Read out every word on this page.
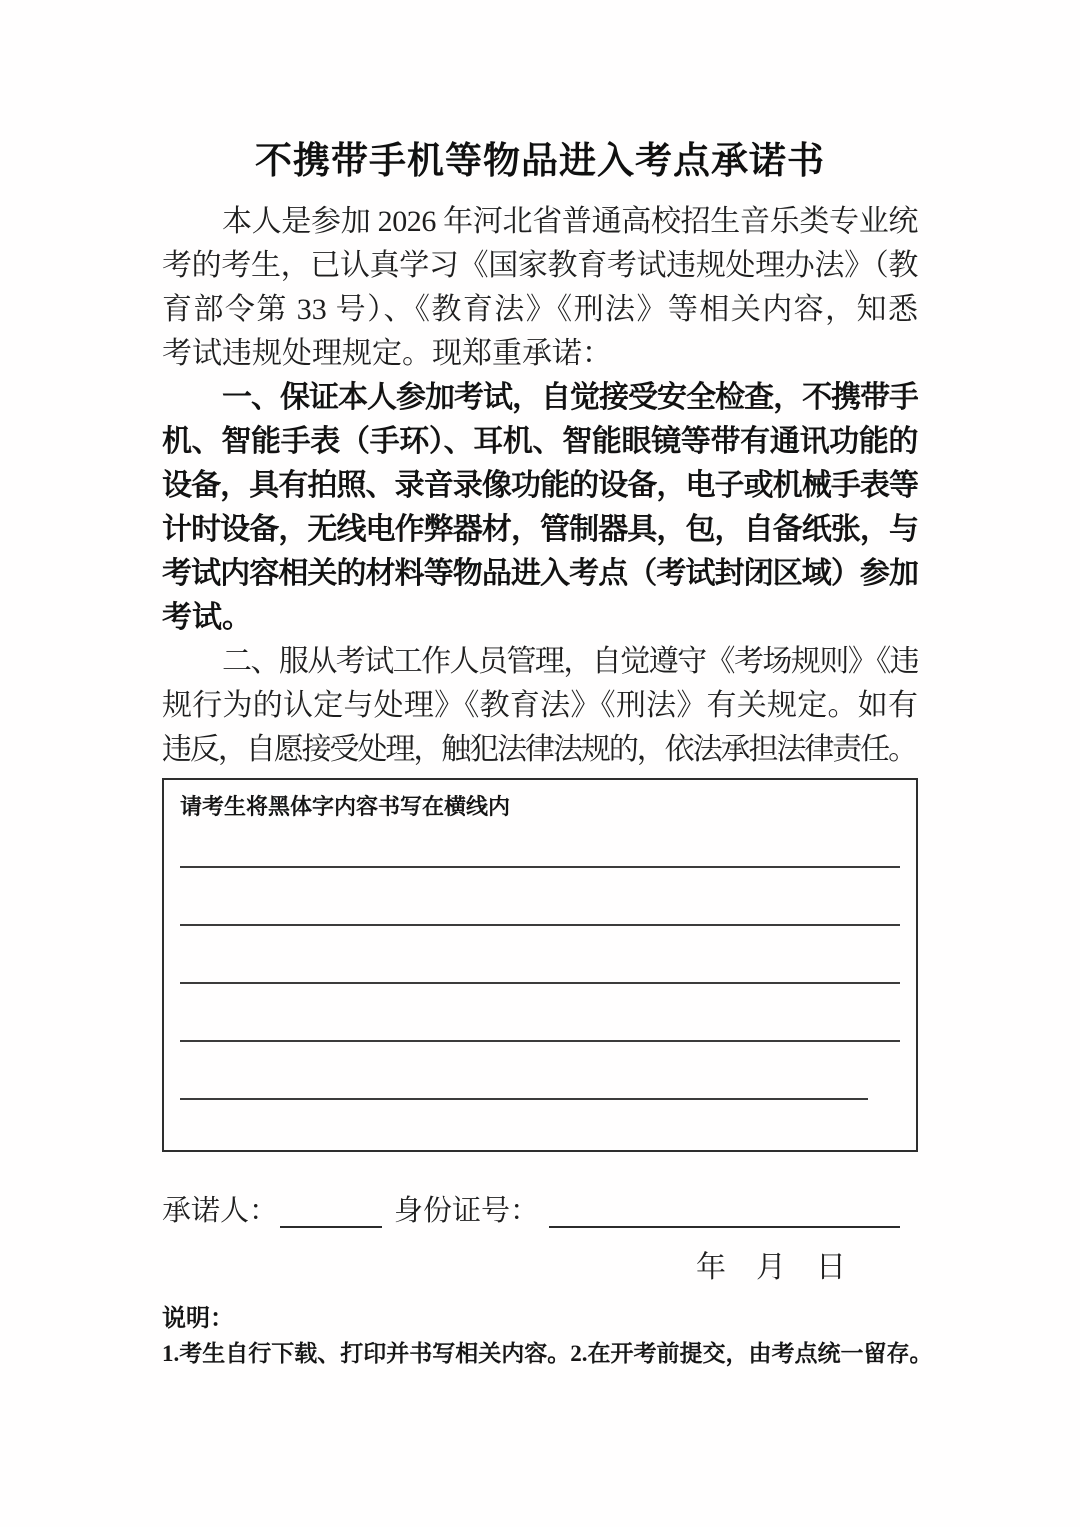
不携带手机等物品进入考点承诺书
本人是参加 2026 年河北省普通高校招生音乐类专业统
考的考生，已认真学习《国家教育考试违规处理办法》（教
育部令第 33 号）、《教育法》《刑法》等相关内容，知悉
考试违规处理规定。现郑重承诺：
一、保证本人参加考试，自觉接受安全检查，不携带手
机、智能手表（手环）、耳机、智能眼镜等带有通讯功能的
设备，具有拍照、录音录像功能的设备，电子或机械手表等
计时设备，无线电作弊器材，管制器具，包，自备纸张，与
考试内容相关的材料等物品进入考点（考试封闭区域）参加
考试。
二、服从考试工作人员管理，自觉遵守《考场规则》《违
规行为的认定与处理》《教育法》《刑法》有关规定。如有
违反，自愿接受处理，触犯法律法规的，依法承担法律责任。
请考生将黑体字内容书写在横线内
承诺人：	身份证号：
年　月　日
说明：
1.考生自行下载、打印并书写相关内容。2.在开考前提交，由考点统一留存。
